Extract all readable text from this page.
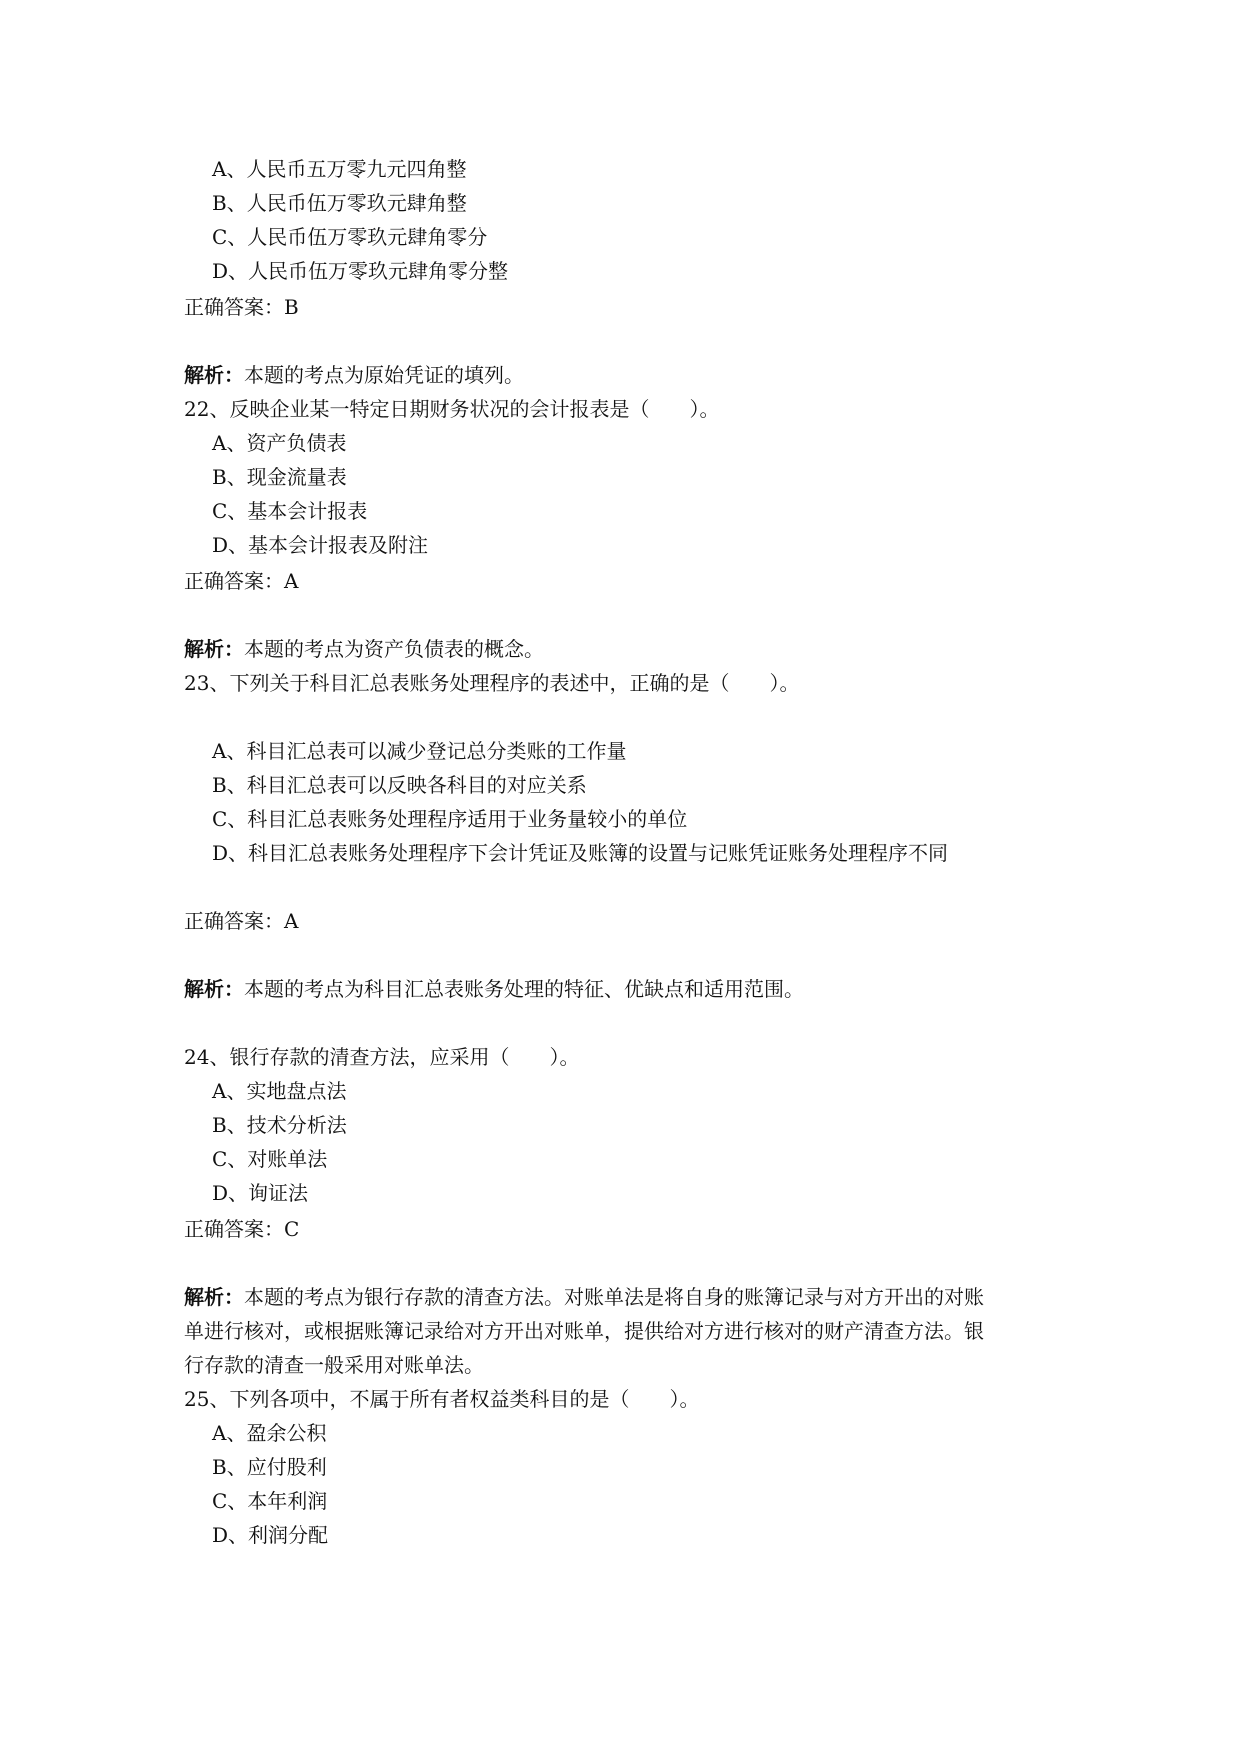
A、人民币五万零九元四角整
B、人民币伍万零玖元肆角整
C、人民币伍万零玖元肆角零分
D、人民币伍万零玖元肆角零分整
正确答案：B
解析：本题的考点为原始凭证的填列。
22、反映企业某一特定日期财务状况的会计报表是（　　）。
A、资产负债表
B、现金流量表
C、基本会计报表
D、基本会计报表及附注
正确答案：A
解析：本题的考点为资产负债表的概念。
23、下列关于科目汇总表账务处理程序的表述中，正确的是（　　）。
A、科目汇总表可以减少登记总分类账的工作量
B、科目汇总表可以反映各科目的对应关系
C、科目汇总表账务处理程序适用于业务量较小的单位
D、科目汇总表账务处理程序下会计凭证及账簿的设置与记账凭证账务处理程序不同
正确答案：A
解析：本题的考点为科目汇总表账务处理的特征、优缺点和适用范围。
24、银行存款的清查方法，应采用（　　）。
A、实地盘点法
B、技术分析法
C、对账单法
D、询证法
正确答案：C
解析：本题的考点为银行存款的清查方法。对账单法是将自身的账簿记录与对方开出的对账
单进行核对，或根据账簿记录给对方开出对账单，提供给对方进行核对的财产清查方法。银
行存款的清查一般采用对账单法。
25、下列各项中，不属于所有者权益类科目的是（　　）。
A、盈余公积
B、应付股利
C、本年利润
D、利润分配
